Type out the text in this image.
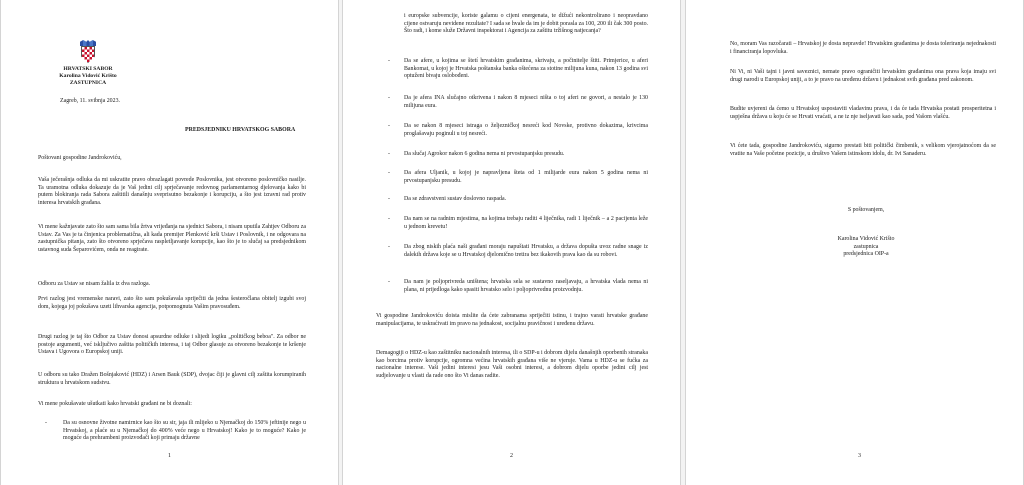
HRVATSKI SABOR
Karolina Vidović Krišto
ZASTUPNICA
Zagreb, 11. svibnja 2023.
PREDSJEDNIKU HRVATSKOG SABORA
Poštovani gospodine Jandrokoviću,
Vaša ječerašnja odluka da mi uskratite pravo obrazlagati povrede Poslovnika, jest otvoreno poslovničko nasilje. Ta uramotna odluka dokazuje da je Vaš jedini cilj sprječavanje redovnog parlamentarnog djelovanja kako bi putem blokiranja rada Sabora zaštitili današnju sveprisutno bezakonje i korupciju, a što jest izravni rad protiv interesa hrvatskih građana.
Vi mene kažnjavate zato što sam sama bila žrtva vrijeđanja na sjednici Sabora, i nisam uputila Zahtjev Odboru za Ustav. Za Vas je ta činjenica problematična, ali kada premijer Plenković krši Ustav i Poslovnik, i ne odgovara na zastupnička pitanja, zato što otvoreno sprječava raspletljavanje korupcije, kao što je to slučaj sa predsjednikom ustavnog suda Šeparovićem, onda ne reagirate.
Odboru za Ustav se nisam žalila iz dva razloga.
Prvi razlog jest vremenske naravi, zato što sam pokušavala spriječiti da jedna šesterоčlana obitelj izgubi svoj dom, kojega joj pokušava uzeti lihvarska agencija, potpomognuta Vašim pravosuđem.
Drugi razlog je taj što Odbor za Ustav donosi apsurdne odluke i slijedi logiku „političkog beboa". Za odbor ne postoje argumenti, već isključivo zaštita političkih interesa, i taj Odbor glasuje za otvoreno bezakonje te kršenje Ustava i Ugovora o Europskoj uniji.
U odboru su tako Dražen Bošnjaković (HDZ) i Arsen Bauk (SDP), dvojac čiji je glavni cilj zaštita korumpiranih struktura u hrvatskom sudstvu.
Vi mene pokušavate ušutkati kako hrvatski građani ne bi doznali:
-	Da su osnovne životne namirnice kao što su sir, jaja ili mlijeko u Njemačkoj do 150% jeftinije nego u Hrvatskoj, a plaće su u Njemačkoj do 400% veće nego u Hrvatskoj! Kako je to moguće? Kako je moguće da prehrambeni proizvođači koji primaju državne
1
i europske subvencije, koriste galamu o cijeni energenata, te dižući nekontrolirano i neopravdano cijene ostvaruju nevidene rezultate? I sada se hvale da im je dobit porasla za 100, 200 ili čak 300 posto. Što radi, i kome služe Državni inspektorat i Agencija za zaštitu tržišnog natjecanja?
- Da se afere, u kojima se štetí hrvatskim građanima, skrivaju, a počinitelje štiti. Primjerice, u aferi Bankomat, u kojoj je Hrvatska poštanska banka oštećena za stotine milijuna kuna, nakon 13 godina svi optuženi bivaju oslobođeni.
- Da je afera INA slučajno otkrivena i nakon 8 mjeseci ništa o toj aferi ne govori, a nestalo je 130 milijuna eura.
- Da se nakon 8 mjeseci istraga o željezničkoj nesreći kod Novske, protivno dokazima, krivcima proglašavaju poginuli u toj nesreći.
- Da slučaj Agrokor nakon 6 godina nema ni prvostupanjsku presudu.
- Da afera Uljanik, u kojoj je napravljena šteta od 1 milijarde eura nakon 5 godina nema ni prvostupanjsku presudu.
- Da se zdravstveni sustav doslovno raspada.
- Da nam se na radnim mjestima, na kojima trebaju raditi 4 liječnika, radi 1 liječnik – a 2 pacijenta leže u jednom krevetu!
- Da zbog niskih plaća naši građani moraju napuštati Hrvatsku, a država dopušta uvoz radne snage iz dalekih država koje se u Hrvatskoj djelomično tretira bez ikakovih prava kao da su robovi.
- Da nam je poljoprivreda uništena; hrvatska sela se sustavno raseljavaju, a hrvatska vlada nema ni plana, ni prijedloga kako spasiti hrvatsko selo i poljoprivrednu proizvodnju.
Vi gospodine Jandrokoviću doista mislite da ćete zabranama spriječiti istinu, i trajno varati hrvatske građane manipulacijama, te uskraćivati im pravo na jednakost, socijalnu pravičnost i uređenu državu.
Demagogiji o HDZ-u kao zaštitniku nacionalnih interesa, ili o SDP-u i dobrom dijelu današnjih oporbenih stranaka kao borcima protiv korupcije, ogromna većina hrvatskih građana više ne vjeruje. Vama u HDZ-u se fućka za nacionalne interese. Vaši jedini interesi jesu Vaši osobni interesi, a dobrom dijelu oporbe jedini cilj jest sudjelovanje u vlasti da rade ono što Vi danas radite.
2
No, moram Vas razočarati – Hrvatskoj je dosta nepravde! Hrvatskim građanima je dosta toleriranja nejednakosti i financiranja lopovluka.
Ni Vi, ni Vaši tajni i javni saveznici, nemate pravo ograničiti hrvatskim građanima ona prava koja imaju svi drugi narodi u Europskoj uniji, a to je pravo na uređenu državu i jednakost svih građana pred zakonom.
Budite uvjereni da ćemo u Hrvatskoj uspostaviti vladavinu prava, i da će tada Hrvatska postati prosperitetna i uspješna država u koju će se Hrvati vraćati, a ne iz nje iseljavati kao sada, pod Vašom vlašću.
Vi ćete tada, gospodine Jandrokoviću, sigurno prestati biti politički čimbenik, s velikom vjerojatnoćom da se vratite na Vaše početne pozicije, u društvo Vašem istinskom idolu, dr. Ivi Sanaderu.
S poštovanjem,
Karolina Vidović Krišto
zastupnica
predsjednica OIP-a
3
